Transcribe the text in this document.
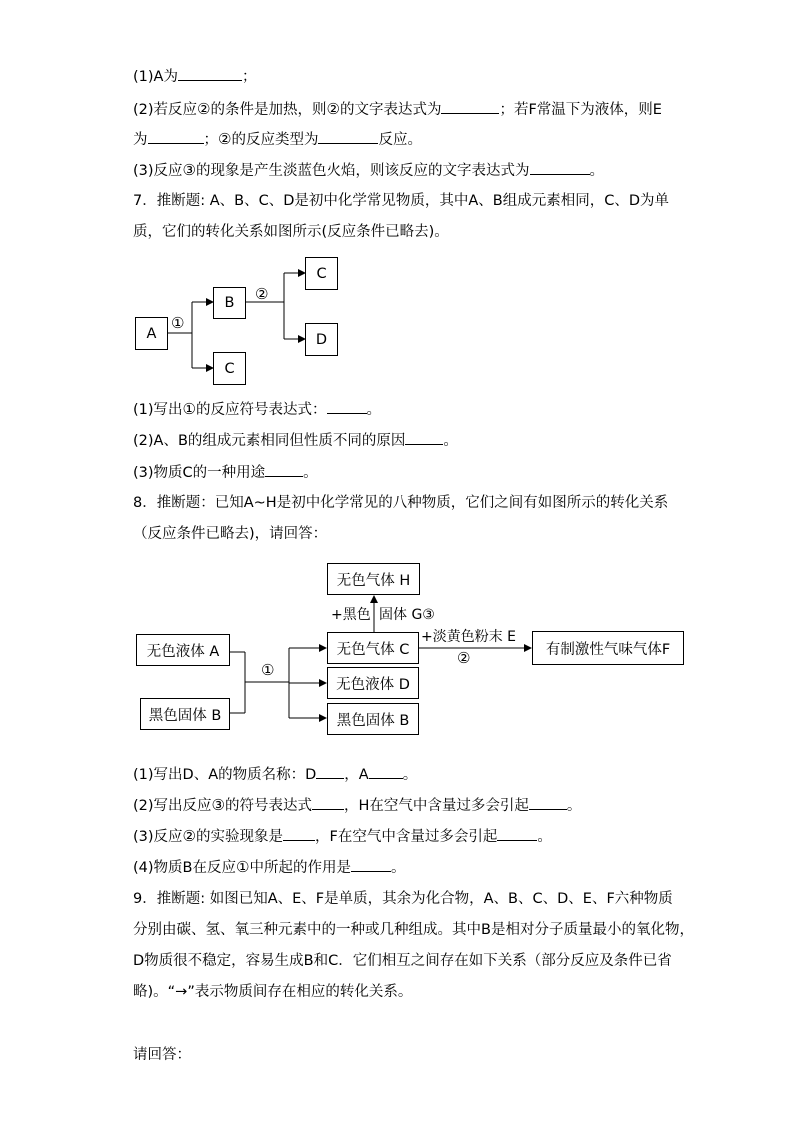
(1)A为	；
(2)若反应②的条件是加热，则②的文字表达式为	；若F常温下为液体，则E
为	；②的反应类型为	反应。
(3)反应③的现象是产生淡蓝色火焰，则该反应的文字表达式为	。
7．推断题: A、B、C、D是初中化学常见物质，其中A、B组成元素相同，C、D为单
质，它们的转化关系如图所示(反应条件已略去)。
A
B
C
C
D
①
②
(1)写出①的反应符号表达式：	。
(2)A、B的组成元素相同但性质不同的原因	。
(3)物质C的一种用途	。
8．推断题：已知A~H是初中化学常见的八种物质，它们之间有如图所示的转化关系
（反应条件已略去)，请回答：
无色气体 H
无色液体 A
黑色固体 B
无色气体 C
无色液体 D
黑色固体 B
有制激性气味气体F
+黑色 固体 G③
+淡黄色粉末 E
②
①
(1)写出D、A的物质名称：D ，A 。
(2)写出反应③的符号表达式 ，H在空气中含量过多会引起	。
(3)反应②的实验现象是 ，F在空气中含量过多会引起	。
(4)物质B在反应①中所起的作用是	。
9．推断题: 如图已知A、E、F是单质，其余为化合物，A、B、C、D、E、F六种物质
分别由碳、氢、氧三种元素中的一种或几种组成。其中B是相对分子质量最小的氧化物，
D物质很不稳定，容易生成B和C．它们相互之间存在如下关系（部分反应及条件已省
略)。“→”表示物质间存在相应的转化关系。
请回答：
